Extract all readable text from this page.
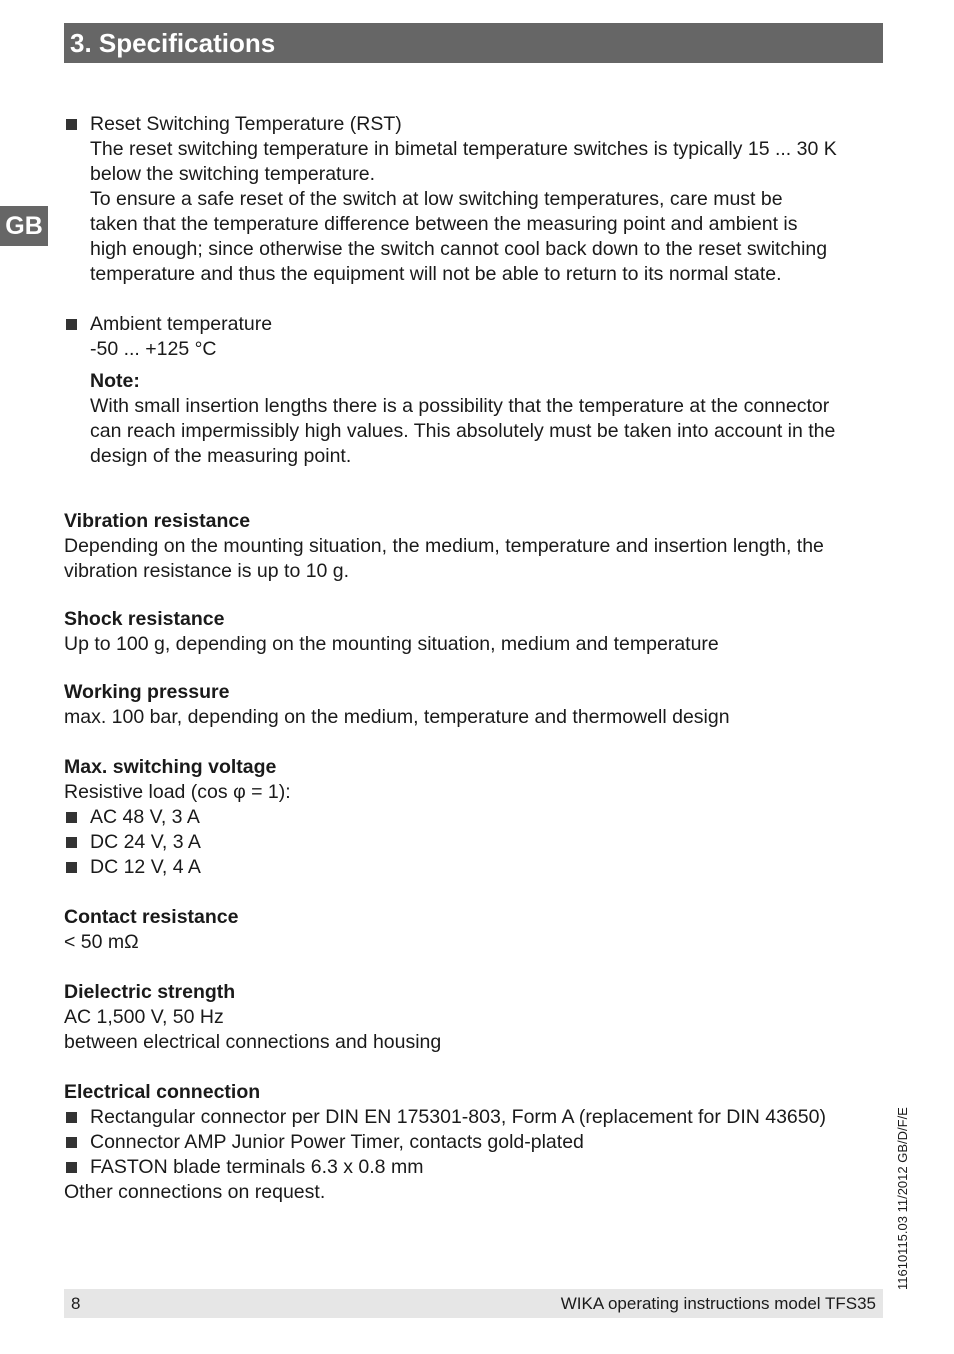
3. Specifications
GB
Reset Switching Temperature (RST)
The reset switching temperature in bimetal temperature switches is typically 15 ... 30 K
below the switching temperature.
To ensure a safe reset of the switch at low switching temperatures, care must be
taken that the temperature difference between the measuring point and ambient is
high enough; since otherwise the switch cannot cool back down to the reset switching
temperature and thus the equipment will not be able to return to its normal state.
Ambient temperature
-50 ... +125 °C
Note:
With small insertion lengths there is a possibility that the temperature at the connector
can reach impermissibly high values. This absolutely must be taken into account in the
design of the measuring point.
Vibration resistance
Depending on the mounting situation, the medium, temperature and insertion length, the
vibration resistance is up to 10 g.
Shock resistance
Up to 100 g, depending on the mounting situation, medium and temperature
Working pressure
max. 100 bar, depending on the medium, temperature and thermowell design
Max. switching voltage
Resistive load (cos φ = 1):
AC 48 V, 3 A
DC 24 V, 3 A
DC 12 V, 4 A
Contact resistance
< 50 mΩ
Dielectric strength
AC 1,500 V, 50 Hz
between electrical connections and housing
Electrical connection
Rectangular connector per DIN EN 175301-803, Form A (replacement for DIN 43650)
Connector AMP Junior Power Timer, contacts gold-plated
FASTON blade terminals 6.3 x 0.8 mm
Other connections on request.	11610115.03 11/2012 GB/D/F/E
8	WIKA operating instructions model TFS35
